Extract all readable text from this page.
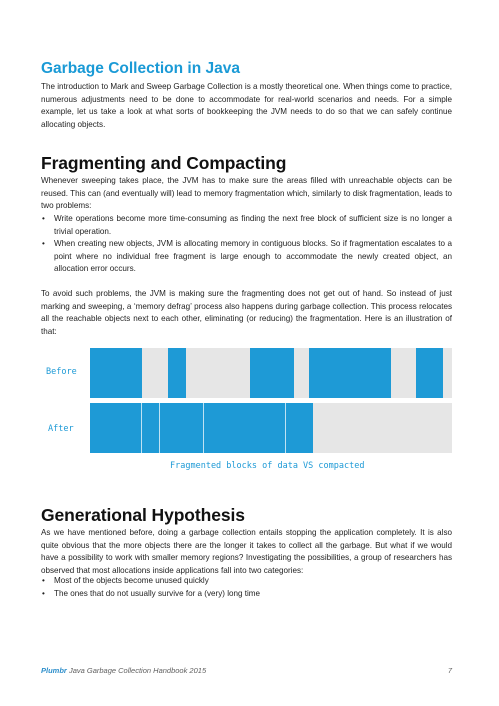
Garbage Collection in Java

The introduction to Mark and Sweep Garbage Collection is a mostly theoretical one. When things come to practice, numerous adjustments need to be done to accommodate for real-world scenarios and needs. For a simple example, let us take a look at what sorts of bookkeeping the JVM needs to do so that we can safely continue allocating objects.

Fragmenting and Compacting

Whenever sweeping takes place, the JVM has to make sure the areas filled with unreachable objects can be reused. This can (and eventually will) lead to memory fragmentation which, similarly to disk fragmentation, leads to two problems:

• Write operations become more time-consuming as finding the next free block of sufficient size is no longer a trivial operation.
• When creating new objects, JVM is allocating memory in contiguous blocks. So if fragmentation escalates to a point where no individual free fragment is large enough to accommodate the newly created object, an allocation error occurs.

To avoid such problems, the JVM is making sure the fragmenting does not get out of hand. So instead of just marking and sweeping, a ‘memory defrag’ process also happens during garbage collection. This process relocates all the reachable objects next to each other, eliminating (or reducing) the fragmentation. Here is an illustration of that:

Before
After
Fragmented blocks of data VS compacted
Generational Hypothesis

As we have mentioned before, doing a garbage collection entails stopping the application completely. It is also quite obvious that the more objects there are the longer it takes to collect all the garbage. But what if we would have a possibility to work with smaller memory regions? Investigating the possibilities, a group of researchers has observed that most allocations inside applications fall into two categories:

• Most of the objects become unused quickly
• The ones that do not usually survive for a (very) long time
Plumbr Java Garbage Collection Handbook 2015	7
